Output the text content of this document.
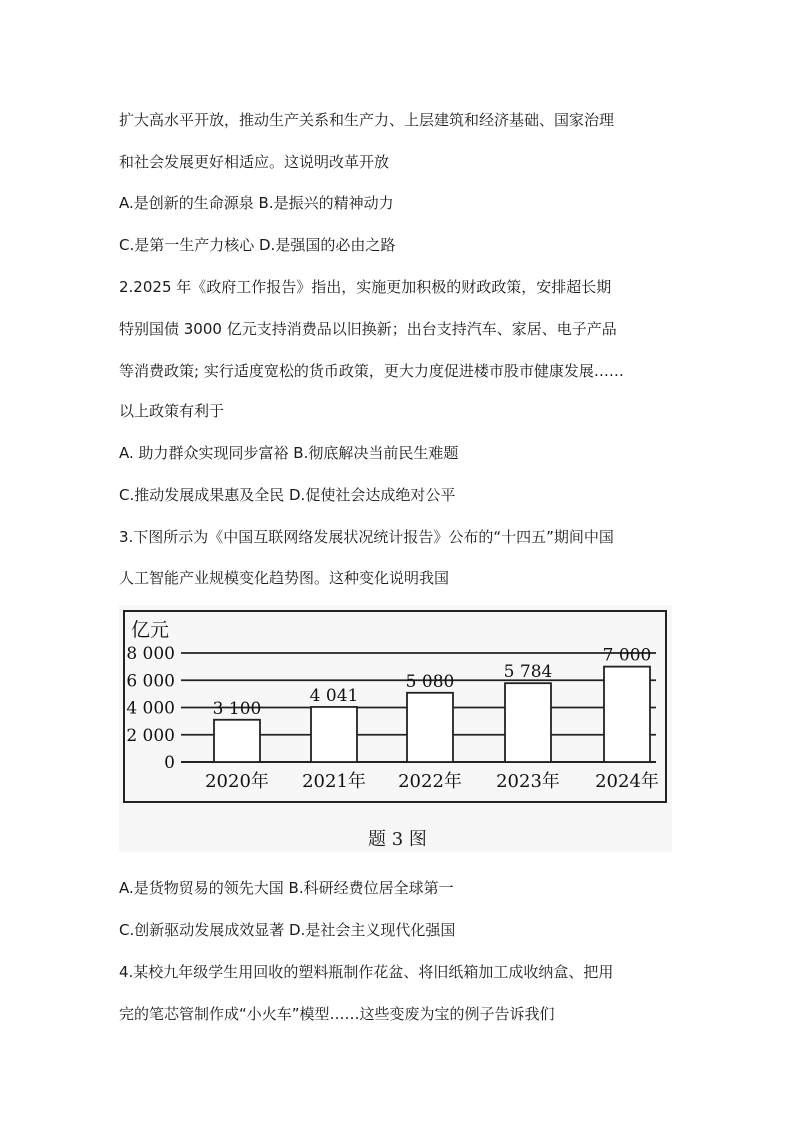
扩大高水平开放，推动生产关系和生产力、上层建筑和经济基础、国家治理

和社会发展更好相适应。这说明改革开放

A.是创新的生命源泉 B.是振兴的精神动力

C.是第一生产力核心 D.是强国的必由之路

2.2025 年《政府工作报告》指出，实施更加积极的财政政策，安排超长期

特别国债 3000 亿元支持消费品以旧换新；出台支持汽车、家居、电子产品

等消费政策; 实行适度宽松的货币政策，更大力度促进楼市股市健康发展……

以上政策有利于

A. 助力群众实现同步富裕 B.彻底解决当前民生难题

C.推动发展成果惠及全民 D.促使社会达成绝对公平

3.下图所示为《中国互联网络发展状况统计报告》公布的“十四五”期间中国

人工智能产业规模变化趋势图。这种变化说明我国

亿元
0
2 000
4 000
6 000
8 000
3 100
2020年
4 041
2021年
5 080
2022年
5 784
2023年
7 000
2024年
题 3 图

A.是货物贸易的领先大国 B.科研经费位居全球第一

C.创新驱动发展成效显著 D.是社会主义现代化强国

4.某校九年级学生用回收的塑料瓶制作花盆、将旧纸箱加工成收纳盒、把用

完的笔芯管制作成“小火车”模型……这些变废为宝的例子告诉我们
